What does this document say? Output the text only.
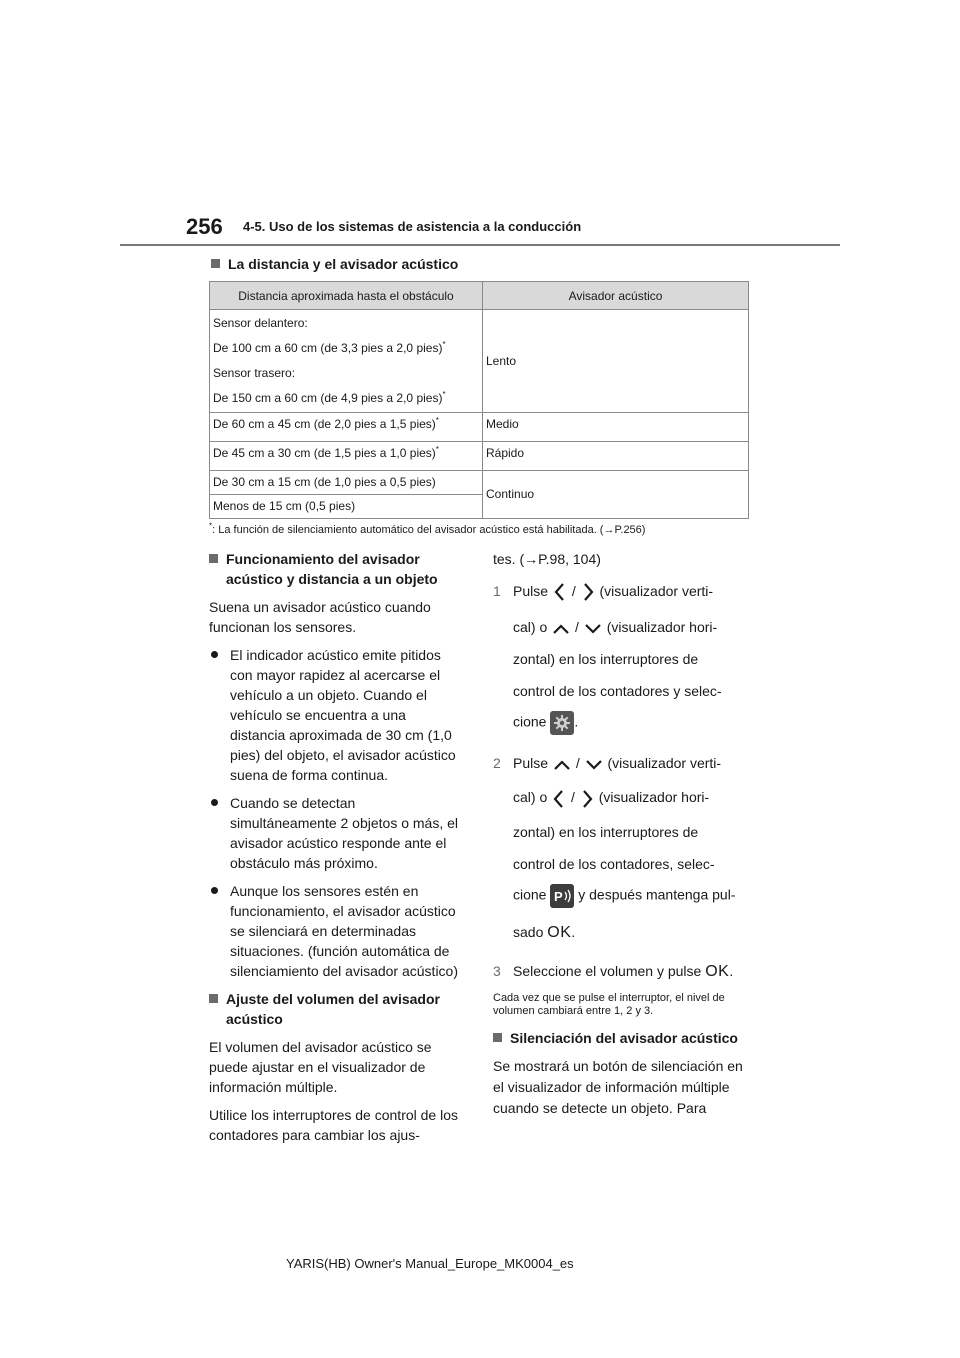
256 4-5. Uso de los sistemas de asistencia a la conducción
La distancia y el avisador acústico
Distancia aproximada hasta el obstáculo	Avisador acústico

Sensor delantero:
De 100 cm a 60 cm (de 3,3 pies a 2,0 pies)*
Sensor trasero:
De 150 cm a 60 cm (de 4,9 pies a 2,0 pies)*	Lento
De 60 cm a 45 cm (de 2,0 pies a 1,5 pies)*	Medio
De 45 cm a 30 cm (de 1,5 pies a 1,0 pies)*	Rápido
De 30 cm a 15 cm (de 1,0 pies a 0,5 pies)	Continuo
Menos de 15 cm (0,5 pies)	
*: La función de silenciamiento automático del avisador acústico está habilitada. (→P.256)
Funcionamiento del avisador acústico y distancia a un objeto

Suena un avisador acústico cuando funcionan los sensores.

El indicador acústico emite pitidos con mayor rapidez al acercarse el vehículo a un objeto. Cuando el vehículo se encuentra a una distancia aproximada de 30 cm (1,0 pies) del objeto, el avisador acústico suena de forma continua.
Cuando se detectan simultáneamente 2 objetos o más, el avisador acústico responde ante el obstáculo más próximo.
Aunque los sensores estén en funcionamiento, el avisador acústico se silenciará en determinadas situaciones. (función automática de silenciamiento del avisador acústico)
Ajuste del volumen del avisador acústico

El volumen del avisador acústico se puede ajustar en el visualizador de información múltiple.

Utilice los interruptores de control de los contadores para cambiar los ajus-

tes. (→P.98, 104)

1 Pulse / (visualizador verti-
cal) o / (visualizador hori-
zontal) en los interruptores de
control de los contadores y selec-
cione .
2 Pulse / (visualizador verti-
cal) o / (visualizador hori-
zontal) en los interruptores de
control de los contadores, selec-
cione P y después mantenga pul-
sado OK.
3 Seleccione el volumen y pulse OK.

Cada vez que se pulse el interruptor, el nivel de volumen cambiará entre 1, 2 y 3.

Silenciación del avisador acústico

Se mostrará un botón de silenciación en el visualizador de información múltiple cuando se detecte un objeto. Para

YARIS(HB) Owner's Manual_Europe_MK0004_es
